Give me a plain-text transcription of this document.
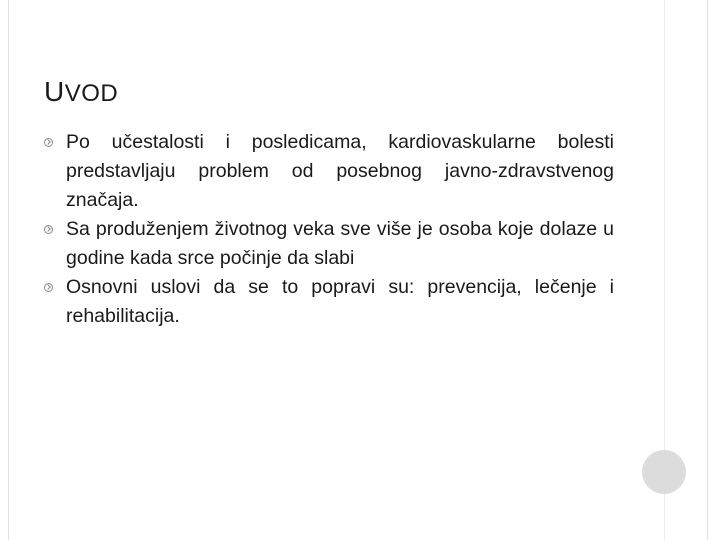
UVOD
Po učestalosti i posledicama, kardiovaskularne bolesti predstavljaju problem od posebnog javno-zdravstvenog značaja.
Sa produženjem životnog veka sve više je osoba koje dolaze u godine kada srce počinje da slabi
Osnovni uslovi da se to popravi su: prevencija, lečenje i rehabilitacija.
